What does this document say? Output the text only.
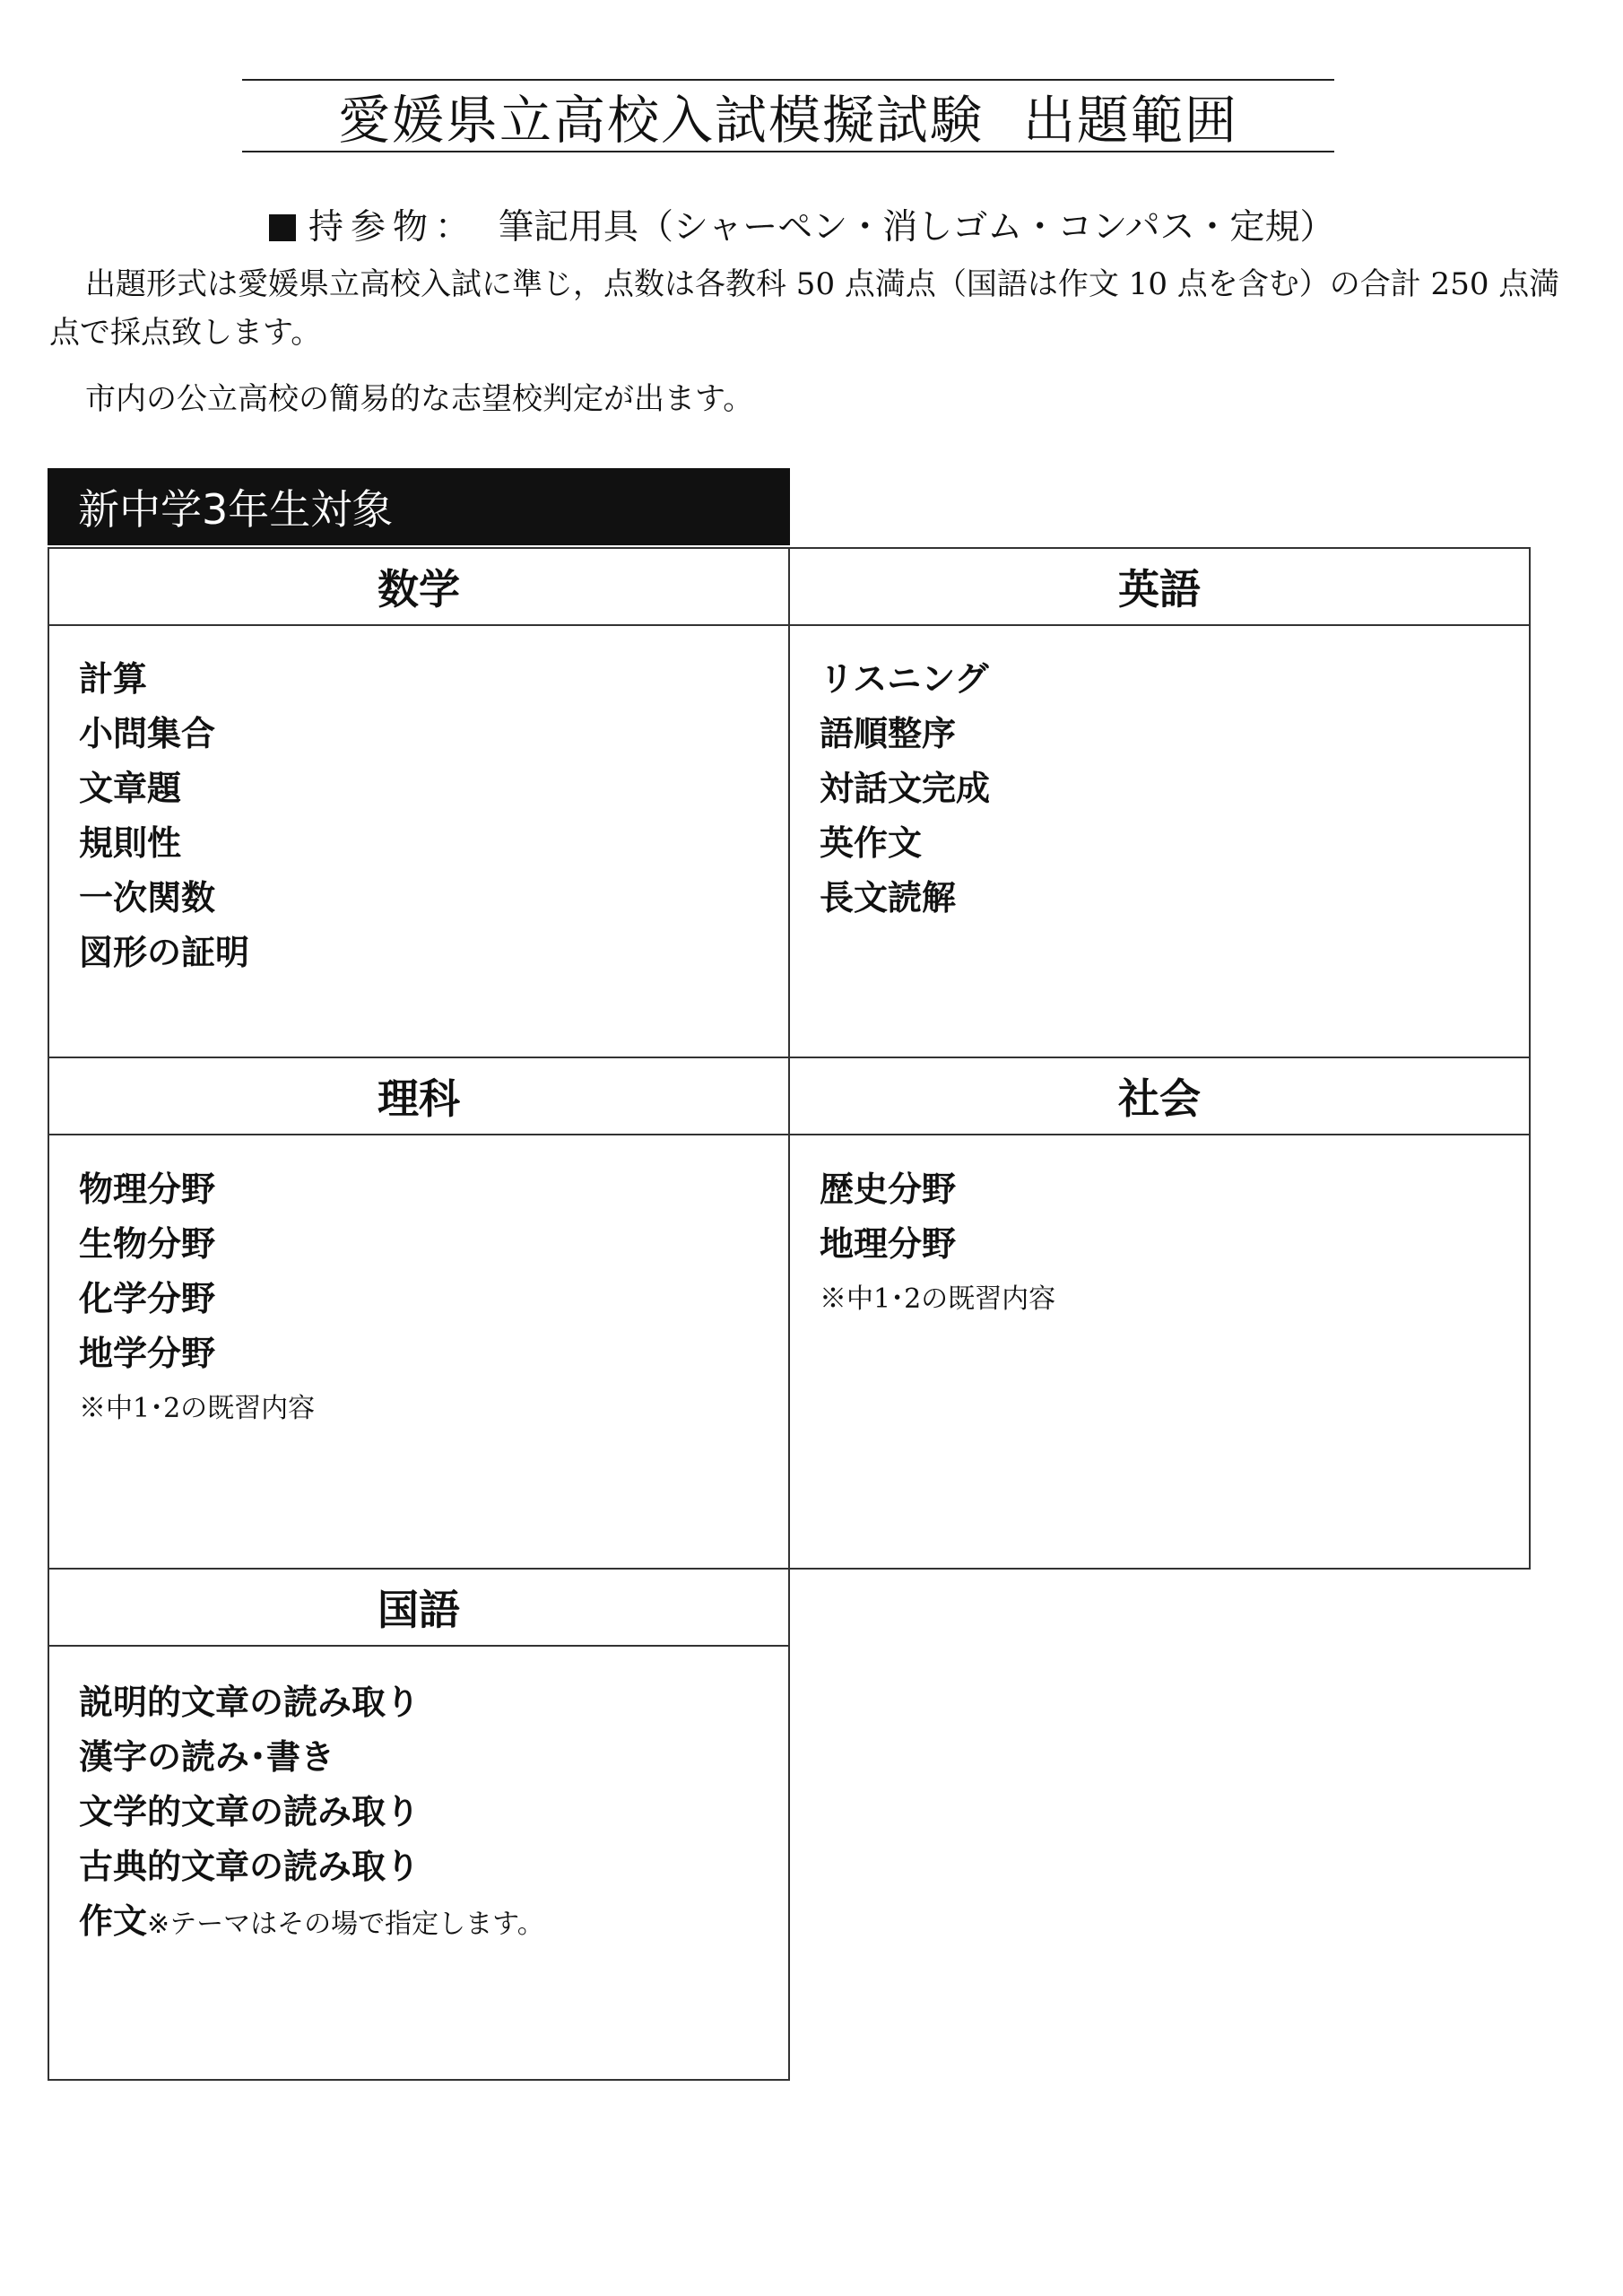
愛媛県立高校入試模擬試験 出題範囲
持参物： 筆記用具（シャーペン・消しゴム・コンパス・定規）
出題形式は愛媛県立高校入試に準じ，点数は各教科 50 点満点（国語は作文 10 点を含む）の合計 250 点満点で採点致します。
市内の公立高校の簡易的な志望校判定が出ます。
新中学3年生対象
数学
計算
小問集合
文章題
規則性
一次関数
図形の証明
英語
リスニング
語順整序
対話文完成
英作文
長文読解
理科
物理分野
生物分野
化学分野
地学分野
※中1･2の既習内容
社会
歴史分野
地理分野
※中1･2の既習内容
国語
説明的文章の読み取り
漢字の読み･書き
文学的文章の読み取り
古典的文章の読み取り
作文※テーマはその場で指定します。
